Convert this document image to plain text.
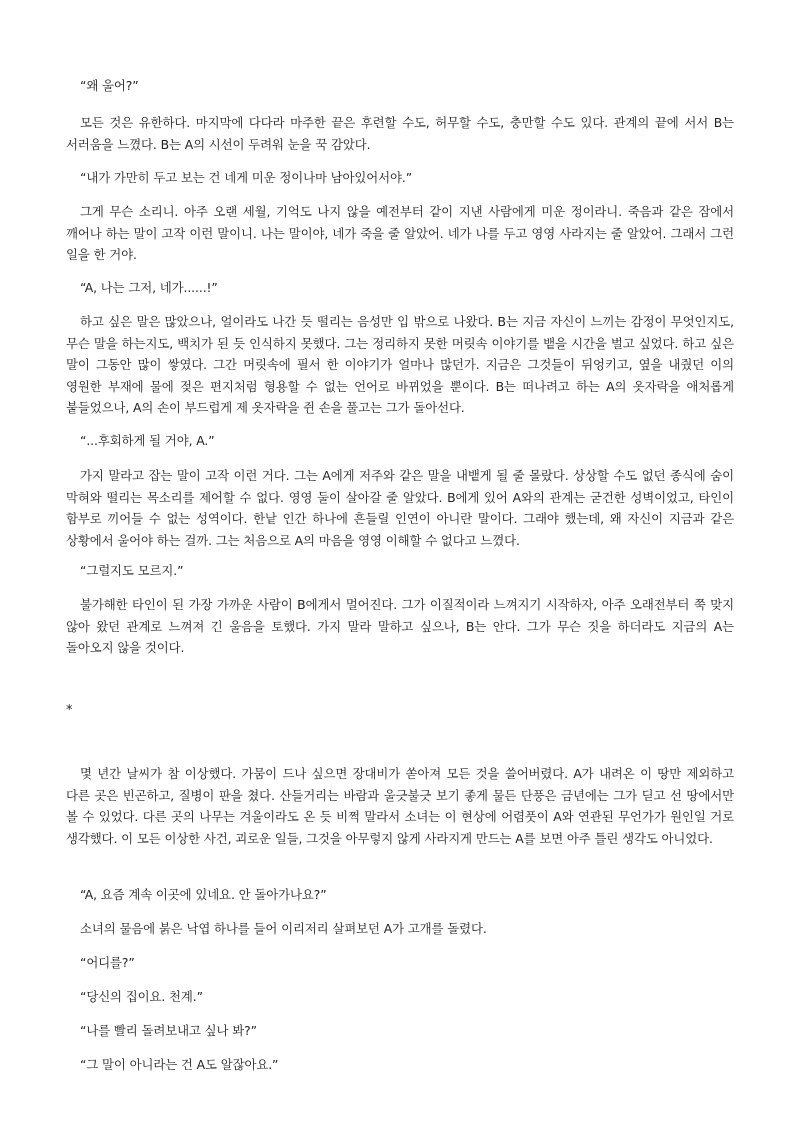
“왜 울어?”

모든 것은 유한하다. 마지막에 다다라 마주한 끝은 후련할 수도, 허무할 수도, 충만할 수도 있다. 관계의 끝에 서서 B는 서러움을 느꼈다. B는 A의 시선이 두려워 눈을 꾹 감았다.

“내가 가만히 두고 보는 건 네게 미운 정이나마 남아있어서야.”

그게 무슨 소리니. 아주 오랜 세월, 기억도 나지 않을 예전부터 같이 지낸 사람에게 미운 정이라니. 죽음과 같은 잠에서 깨어나 하는 말이 고작 이런 말이니. 나는 말이야, 네가 죽을 줄 알았어. 네가 나를 두고 영영 사라지는 줄 알았어. 그래서 그런 일을 한 거야.

“A, 나는 그저, 네가......!”

하고 싶은 말은 많았으나, 얼이라도 나간 듯 떨리는 음성만 입 밖으로 나왔다. B는 지금 자신이 느끼는 감정이 무엇인지도, 무슨 말을 하는지도, 백치가 된 듯 인식하지 못했다. 그는 정리하지 못한 머릿속 이야기를 뱉을 시간을 벌고 싶었다. 하고 싶은 말이 그동안 많이 쌓였다. 그간 머릿속에 필서 한 이야기가 얼마나 많던가. 지금은 그것들이 뒤엉키고, 옆을 내줬던 이의 영원한 부재에 물에 젖은 편지처럼 형용할 수 없는 언어로 바뀌었을 뿐이다. B는 떠나려고 하는 A의 옷자락을 애처롭게 붙들었으나, A의 손이 부드럽게 제 옷자락을 쥔 손을 풀고는 그가 돌아선다.

“...후회하게 될 거야, A.”

가지 말라고 잡는 말이 고작 이런 거다. 그는 A에게 저주와 같은 말을 내뱉게 될 줄 몰랐다. 상상할 수도 없던 종식에 숨이 막혀와 떨리는 목소리를 제어할 수 없다. 영영 둘이 살아갈 줄 알았다. B에게 있어 A와의 관계는 굳건한 성벽이었고, 타인이 함부로 끼어들 수 없는 성역이다. 한낱 인간 하나에 흔들릴 인연이 아니란 말이다. 그래야 했는데, 왜 자신이 지금과 같은 상황에서 울어야 하는 걸까. 그는 처음으로 A의 마음을 영영 이해할 수 없다고 느꼈다.

“그럴지도 모르지.”

불가해한 타인이 된 가장 가까운 사람이 B에게서 멀어진다. 그가 이질적이라 느껴지기 시작하자, 아주 오래전부터 쭉 맞지 않아 왔던 관계로 느껴져 긴 울음을 토했다. 가지 말라 말하고 싶으나, B는 안다. 그가 무슨 짓을 하더라도 지금의 A는 돌아오지 않을 것이다.

*

몇 년간 날씨가 참 이상했다. 가뭄이 드나 싶으면 장대비가 쏟아져 모든 것을 쓸어버렸다. A가 내려온 이 땅만 제외하고 다른 곳은 빈곤하고, 질병이 판을 쳤다. 산들거리는 바람과 울긋불긋 보기 좋게 물든 단풍은 금년에는 그가 딛고 선 땅에서만 볼 수 있었다. 다른 곳의 나무는 겨울이라도 온 듯 비쩍 말라서 소녀는 이 현상에 어렴풋이 A와 연관된 무언가가 원인일 거로 생각했다. 이 모든 이상한 사건, 괴로운 일들, 그것을 아무렇지 않게 사라지게 만드는 A를 보면 아주 틀린 생각도 아니었다.

“A, 요즘 계속 이곳에 있네요. 안 돌아가나요?”

소녀의 물음에 붉은 낙엽 하나를 들어 이리저리 살펴보던 A가 고개를 돌렸다.

“어디를?”

“당신의 집이요. 천계.”

“나를 빨리 돌려보내고 싶나 봐?”

“그 말이 아니라는 건 A도 알잖아요.”
